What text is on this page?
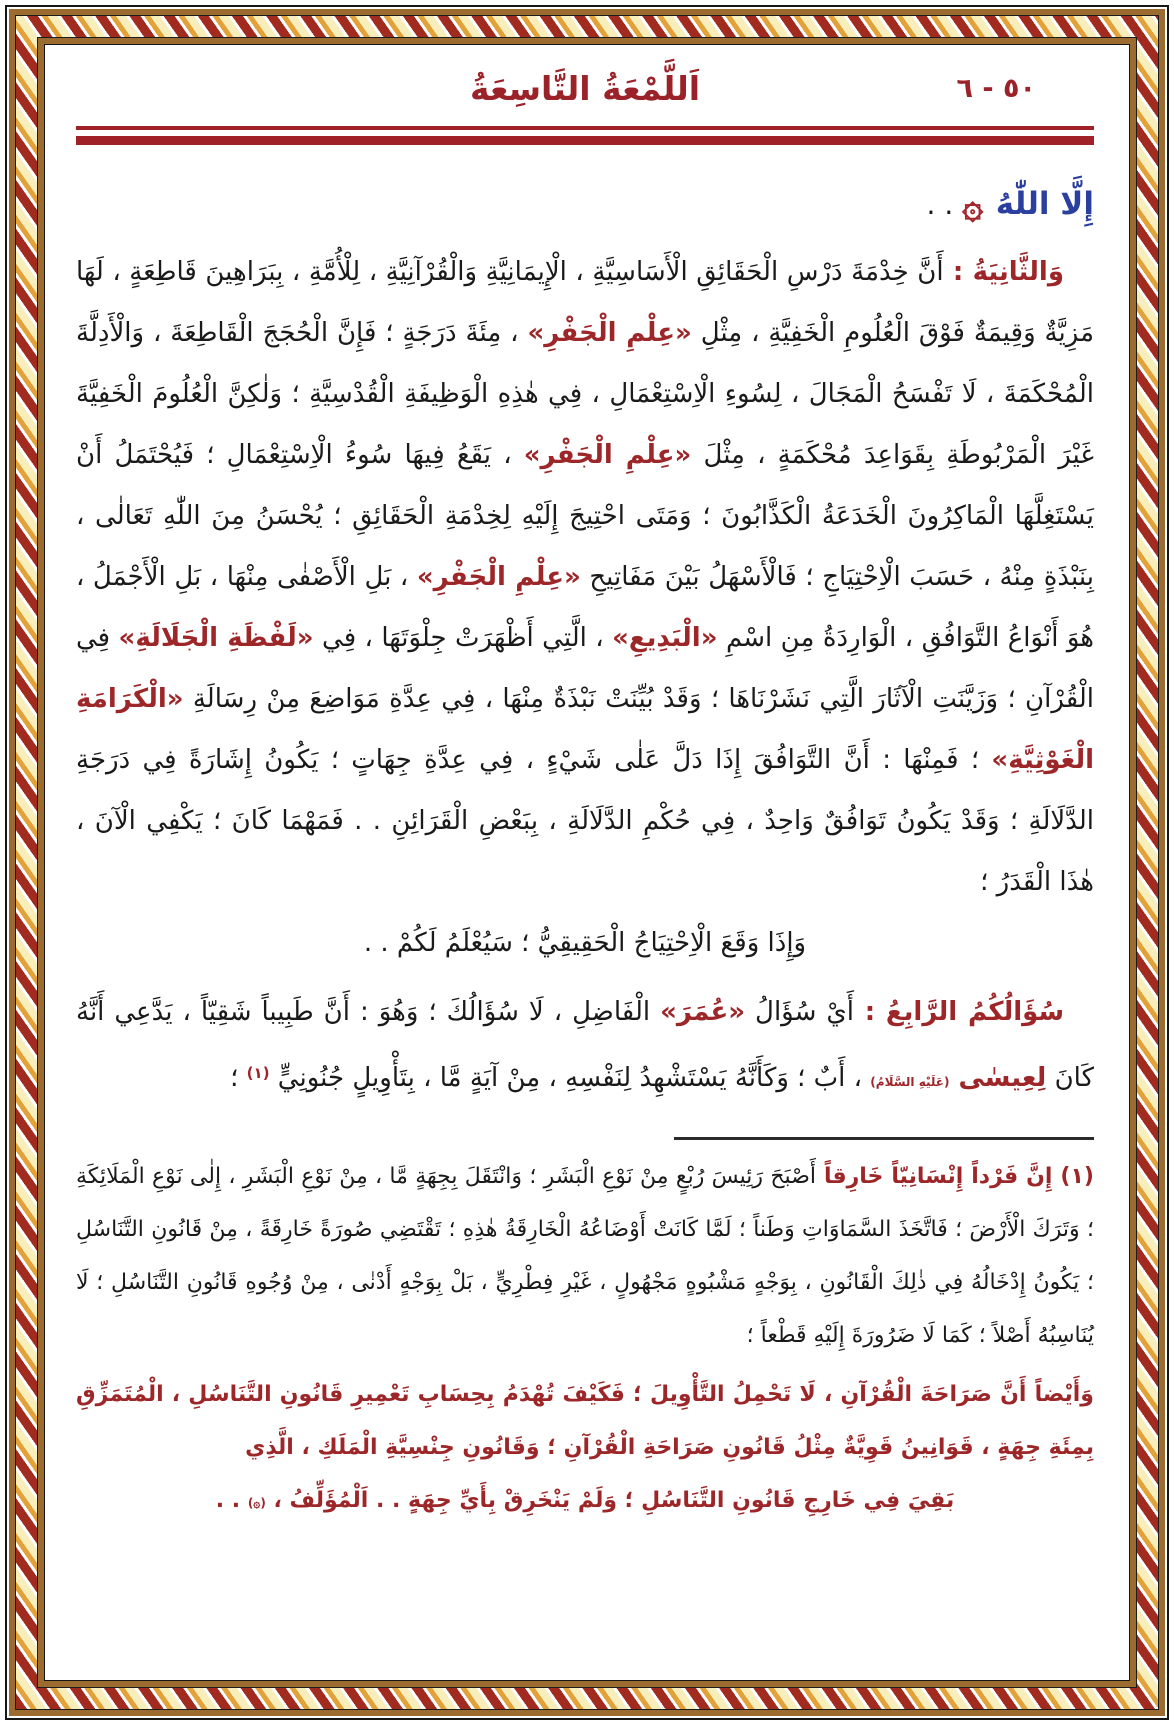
اَللَّمْعَةُ التَّاسِعَةُ	٥٠ - ٦
إِلَّا اللّٰهُ ۞ . .

وَالثَّانِيَةُ : أَنَّ خِدْمَةَ دَرْسِ الْحَقَائِقِ الْأَسَاسِيَّةِ ، الْإِيمَانِيَّةِ وَالْقُرْآنِيَّةِ ، لِلْأُمَّةِ ، بِبَرَاهِينَ قَاطِعَةٍ ، لَهَا مَزِيَّةٌ وَقِيمَةٌ فَوْقَ الْعُلُومِ الْخَفِيَّةِ ، مِثْلِ «عِلْمِ الْجَفْرِ» ، مِئَةَ دَرَجَةٍ ؛ فَإِنَّ الْحُجَجَ الْقَاطِعَةَ ، وَالْأَدِلَّةَ الْمُحْكَمَةَ ، لَا تَفْسَحُ الْمَجَالَ ، لِسُوءِ الْاِسْتِعْمَالِ ، فِي هٰذِهِ الْوَظِيفَةِ الْقُدْسِيَّةِ ؛ وَلٰكِنَّ الْعُلُومَ الْخَفِيَّةَ غَيْرَ الْمَرْبُوطَةِ بِقَوَاعِدَ مُحْكَمَةٍ ، مِثْلَ «عِلْمِ الْجَفْرِ» ، يَقَعُ فِيهَا سُوءُ الْاِسْتِعْمَالِ ؛ فَيُحْتَمَلُ أَنْ يَسْتَغِلَّهَا الْمَاكِرُونَ الْخَدَعَةُ الْكَذَّابُونَ ؛ وَمَتَى احْتِيجَ إِلَيْهِ لِخِدْمَةِ الْحَقَائِقِ ؛ يُحْسَنُ مِنَ اللّٰهِ تَعَالٰى ، بِنَبْذَةٍ مِنْهُ ، حَسَبَ الْاِحْتِيَاجِ ؛ فَالْأَسْهَلُ بَيْنَ مَفَاتِيحِ «عِلْمِ الْجَفْرِ» ، بَلِ الْأَصْفٰى مِنْهَا ، بَلِ الْأَجْمَلُ ، هُوَ أَنْوَاعُ التَّوَافُقِ ، الْوَارِدَةُ مِنِ اسْمِ «الْبَدِيعِ» ، الَّتِي أَظْهَرَتْ جِلْوَتَهَا ، فِي «لَفْظَةِ الْجَلَالَةِ» فِي الْقُرْآنِ ؛ وَزَيَّنَتِ الْآثَارَ الَّتِي نَشَرْنَاهَا ؛ وَقَدْ بُيِّنَتْ نَبْذَةٌ مِنْهَا ، فِي عِدَّةِ مَوَاضِعَ مِنْ رِسَالَةِ «الْكَرَامَةِ الْغَوْثِيَّةِ» ؛ فَمِنْهَا : أَنَّ التَّوَافُقَ إِذَا دَلَّ عَلٰى شَيْءٍ ، فِي عِدَّةِ جِهَاتٍ ؛ يَكُونُ إِشَارَةً فِي دَرَجَةِ الدَّلَالَةِ ؛ وَقَدْ يَكُونُ تَوَافُقٌ وَاحِدٌ ، فِي حُكْمِ الدَّلَالَةِ ، بِبَعْضِ الْقَرَائِنِ . . فَمَهْمَا كَانَ ؛ يَكْفِي الْآنَ ، هٰذَا الْقَدَرُ ؛

وَإِذَا وَقَعَ الْاِحْتِيَاجُ الْحَقِيقِيُّ ؛ سَيُعْلَمُ لَكُمْ . .

سُؤَالُكُمُ الرَّابِعُ : أَيْ سُؤَالُ «عُمَرَ» الْفَاضِلِ ، لَا سُؤَالُكَ ؛ وَهُوَ : أَنَّ طَبِيباً شَقِيّاً ، يَدَّعِي أَنَّهُ كَانَ لِعِيسٰى (عَلَيْهِ السَّلَامُ) ، أَبٌ ؛ وَكَأَنَّهُ يَسْتَشْهِدُ لِنَفْسِهِ ، مِنْ آيَةٍ مَّا ، بِتَأْوِيلٍ جُنُونِيٍّ $^{(١)}$ ؛

(١) إِنَّ فَرْداً إِنْسَانِيّاً خَارِقاً أَصْبَحَ رَئِيسَ رُبْعٍ مِنْ نَوْعِ الْبَشَرِ ؛ وَانْتَقَلَ بِجِهَةٍ مَّا ، مِنْ نَوْعِ الْبَشَرِ ، إِلٰى نَوْعِ الْمَلَائِكَةِ ؛ وَتَرَكَ الْأَرْضَ ؛ فَاتَّخَذَ السَّمَاوَاتِ وَطَناً ؛ لَمَّا كَانَتْ أَوْضَاعُهُ الْخَارِقَةُ هٰذِهِ ؛ تَقْتَضِي صُورَةً خَارِقَةً ، مِنْ قَانُونِ التَّنَاسُلِ ؛ يَكُونُ إِدْخَالُهُ فِي ذٰلِكَ الْقَانُونِ ، بِوَجْهٍ مَشْبُوهٍ مَجْهُولٍ ، غَيْرِ فِطْرِيٍّ ، بَلْ بِوَجْهٍ أَدْنٰى ، مِنْ وُجُوهِ قَانُونِ التَّنَاسُلِ ؛ لَا يُنَاسِبُهُ أَصْلاً ؛ كَمَا لَا ضَرُورَةَ إِلَيْهِ قَطْعاً ؛

وَأَيْضاً أَنَّ صَرَاحَةَ الْقُرْآنِ ، لَا تَحْمِلُ التَّأْوِيلَ ؛ فَكَيْفَ تُهْدَمُ بِحِسَابِ تَعْمِيرِ قَانُونِ التَّنَاسُلِ ، الْمُتَمَزِّقِ بِمِئَةِ جِهَةٍ ، قَوَانِينُ قَوِيَّةٌ مِثْلُ قَانُونِ صَرَاحَةِ الْقُرْآنِ ؛ وَقَانُونِ جِنْسِيَّةِ الْمَلَكِ ، الَّذِي

بَقِيَ فِي خَارِجِ قَانُونِ التَّنَاسُلِ ؛ وَلَمْ يَنْخَرِقْ بِأَيِّ جِهَةٍ . . اَلْمُؤَلِّفُ ، (۞) . .
